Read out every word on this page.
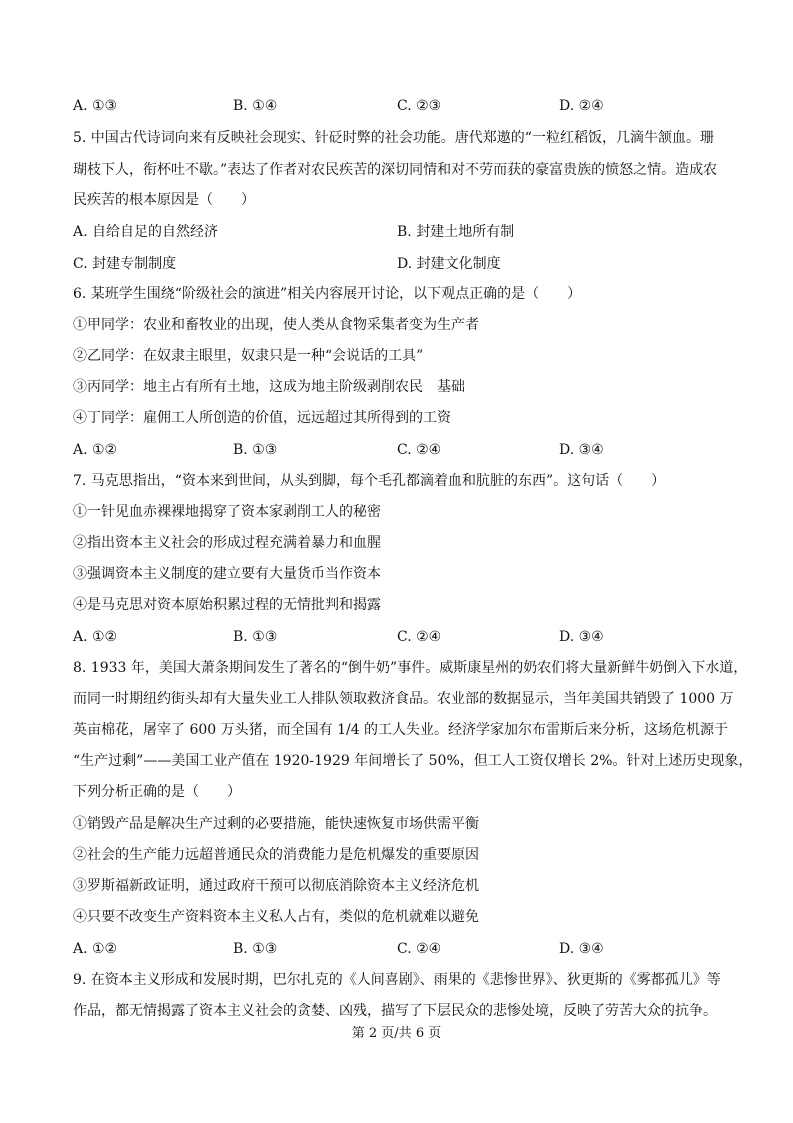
A. ①③	B. ①④	C. ②③	D. ②④
5. 中国古代诗词向来有反映社会现实、针砭时弊的社会功能。唐代郑遨的“一粒红稻饭，几滴牛颔血。珊
瑚枝下人，衔杯吐不歇。”表达了作者对农民疾苦的深切同情和对不劳而获的豪富贵族的愤怒之情。造成农
民疾苦的根本原因是（　　）
A. 自给自足的自然经济	B. 封建土地所有制
C. 封建专制制度	D. 封建文化制度
6. 某班学生围绕“阶级社会的演进”相关内容展开讨论，以下观点正确的是（　　）
①甲同学：农业和畜牧业的出现，使人类从食物采集者变为生产者
②乙同学：在奴隶主眼里，奴隶只是一种“会说话的工具”
③丙同学：地主占有所有土地，这成为地主阶级剥削农民　基础
④丁同学：雇佣工人所创造的价值，远远超过其所得到的工资
A. ①②	B. ①③	C. ②④	D. ③④
7. 马克思指出，“资本来到世间，从头到脚，每个毛孔都滴着血和肮脏的东西”。这句话（　　）
①一针见血赤裸裸地揭穿了资本家剥削工人的秘密
②指出资本主义社会的形成过程充满着暴力和血腥
③强调资本主义制度的建立要有大量货币当作资本
④是马克思对资本原始积累过程的无情批判和揭露
A. ①②	B. ①③	C. ②④	D. ③④
8. 1933 年，美国大萧条期间发生了著名的“倒牛奶”事件。威斯康星州的奶农们将大量新鲜牛奶倒入下水道，
而同一时期纽约街头却有大量失业工人排队领取救济食品。农业部的数据显示，当年美国共销毁了 1000 万
英亩棉花，屠宰了 600 万头猪，而全国有 1/4 的工人失业。经济学家加尔布雷斯后来分析，这场危机源于
“生产过剩”——美国工业产值在 1920-1929 年间增长了 50%，但工人工资仅增长 2%。针对上述历史现象，
下列分析正确的是（　　）
①销毁产品是解决生产过剩的必要措施，能快速恢复市场供需平衡
②社会的生产能力远超普通民众的消费能力是危机爆发的重要原因
③罗斯福新政证明，通过政府干预可以彻底消除资本主义经济危机
④只要不改变生产资料资本主义私人占有，类似的危机就难以避免
A. ①②	B. ①③	C. ②④	D. ③④
9. 在资本主义形成和发展时期，巴尔扎克的《人间喜剧》、雨果的《悲惨世界》、狄更斯的《雾都孤儿》等
作品，都无情揭露了资本主义社会的贪婪、凶残，描写了下层民众的悲惨处境，反映了劳苦大众的抗争。
第 2 页/共 6 页
